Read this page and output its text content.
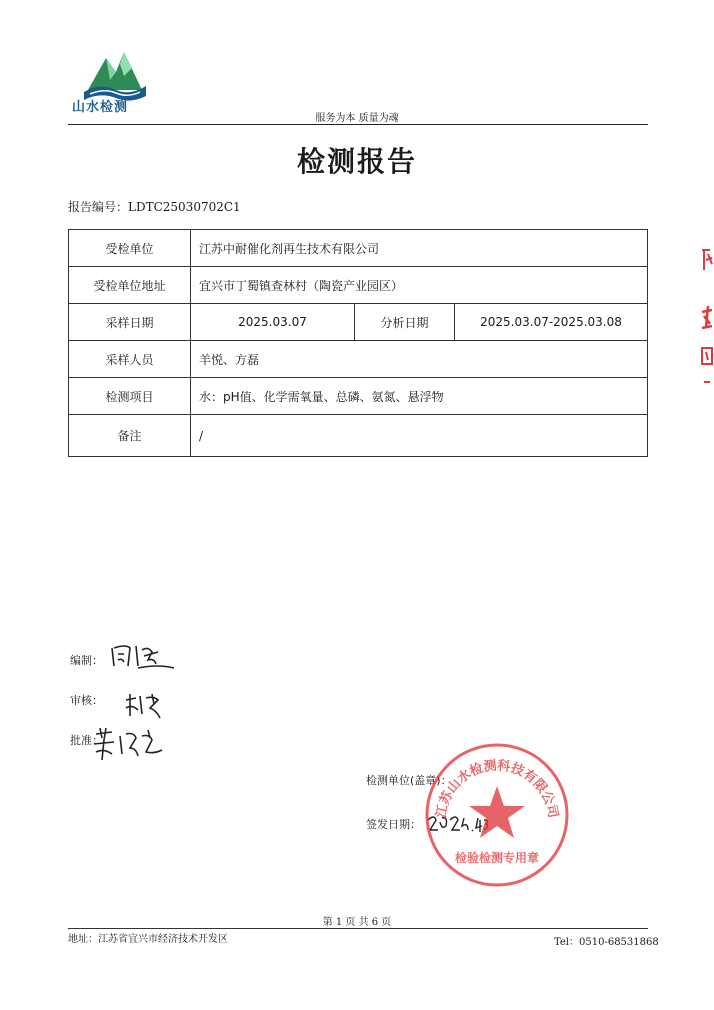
山水检测
服务为本 质量为魂
检测报告
报告编号：LDTC25030702C1
受检单位	江苏中耐催化剂再生技术有限公司		
受检单位地址	宜兴市丁蜀镇查林村（陶瓷产业园区）		
采样日期	2025.03.07	分析日期	2025.03.07-2025.03.08
采样人员	羊悦、方磊		
检测项目	水：pH值、化学需氧量、总磷、氨氮、悬浮物		
备注	/		
编制：
审核：
批准：
检测单位(盖章)：
签发日期：
江苏山水检测科技有限公司
检验检测专用章
第 1 页 共 6 页
地址：江苏省宜兴市经济技术开发区	Tel：0510-68531868
